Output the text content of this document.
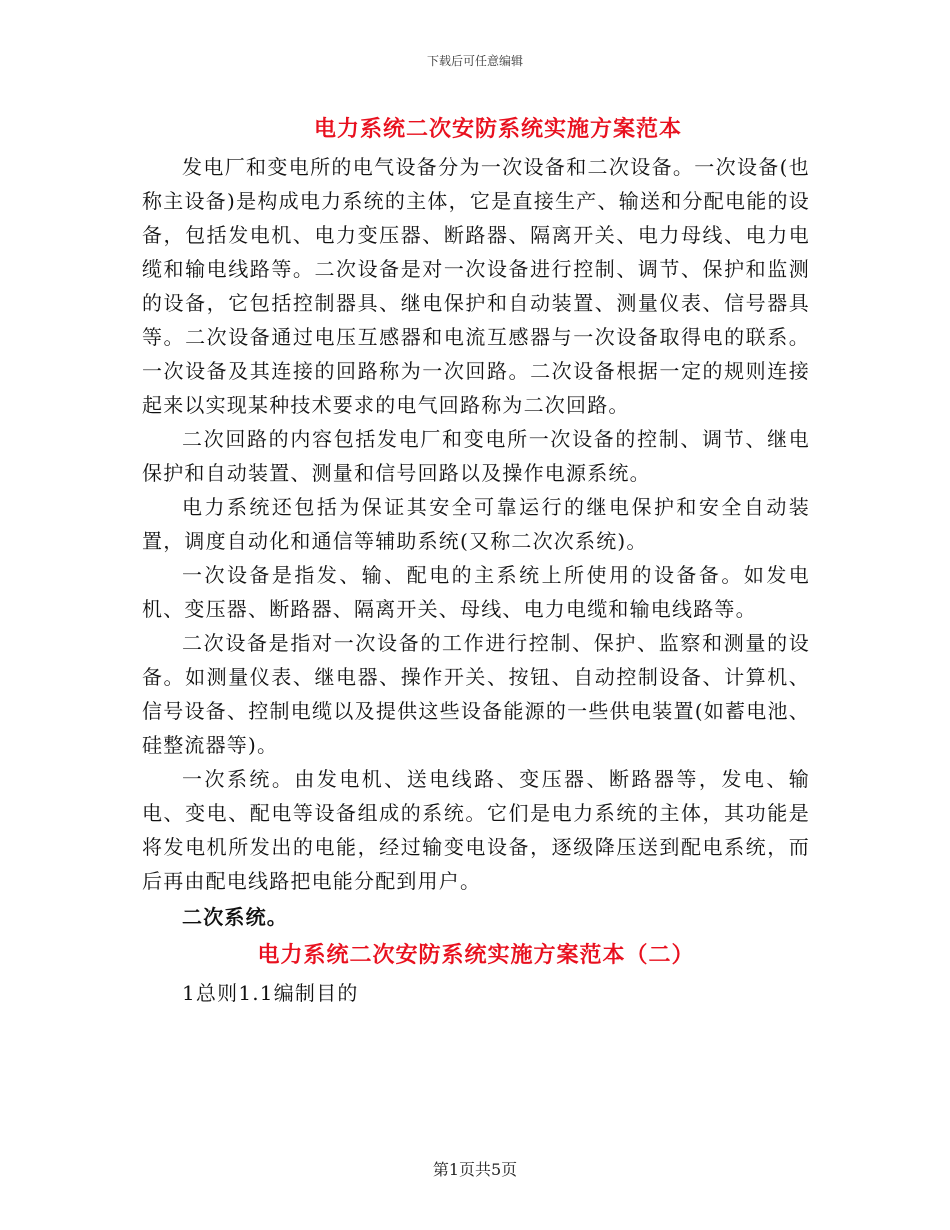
下载后可任意编辑
电力系统二次安防系统实施方案范本

发电厂和变电所的电气设备分为一次设备和二次设备。一次设备(也称主设备)是构成电力系统的主体，它是直接生产、输送和分配电能的设备，包括发电机、电力变压器、断路器、隔离开关、电力母线、电力电缆和输电线路等。二次设备是对一次设备进行控制、调节、保护和监测的设备，它包括控制器具、继电保护和自动装置、测量仪表、信号器具等。二次设备通过电压互感器和电流互感器与一次设备取得电的联系。一次设备及其连接的回路称为一次回路。二次设备根据一定的规则连接起来以实现某种技术要求的电气回路称为二次回路。

二次回路的内容包括发电厂和变电所一次设备的控制、调节、继电保护和自动装置、测量和信号回路以及操作电源系统。

电力系统还包括为保证其安全可靠运行的继电保护和安全自动装置，调度自动化和通信等辅助系统(又称二次次系统)。

一次设备是指发、输、配电的主系统上所使用的设备备。如发电机、变压器、断路器、隔离开关、母线、电力电缆和输电线路等。

二次设备是指对一次设备的工作进行控制、保护、监察和测量的设备。如测量仪表、继电器、操作开关、按钮、自动控制设备、计算机、信号设备、控制电缆以及提供这些设备能源的一些供电装置(如蓄电池、硅整流器等)。

一次系统。由发电机、送电线路、变压器、断路器等，发电、输电、变电、配电等设备组成的系统。它们是电力系统的主体，其功能是将发电机所发出的电能，经过输变电设备，逐级降压送到配电系统，而后再由配电线路把电能分配到用户。

二次系统。

电力系统二次安防系统实施方案范本（二）

1总则1.1编制目的

第1页共5页
